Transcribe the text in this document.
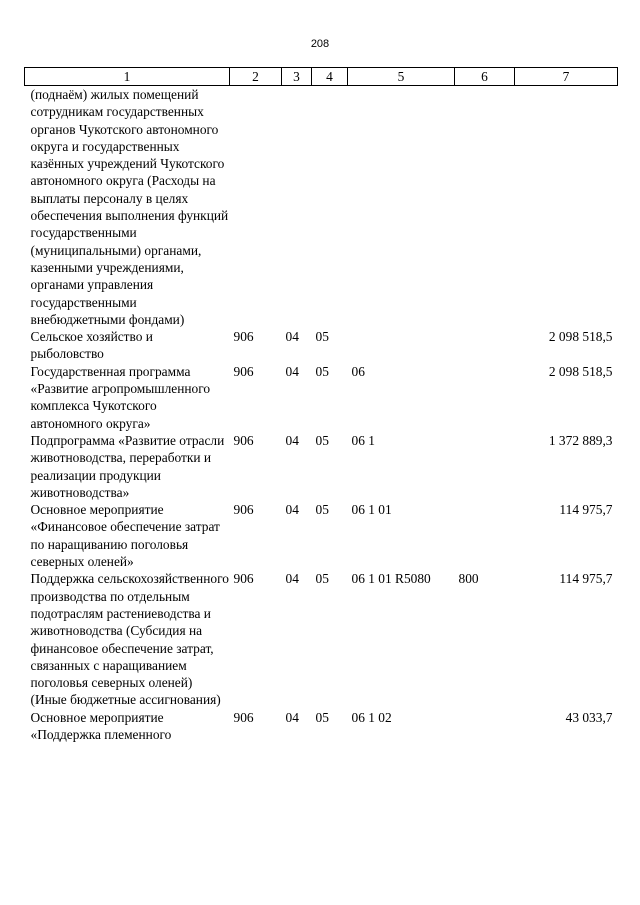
208
1	2	3	4	5	6	7
(поднаём) жилых помещений сотрудникам государственных органов Чукотского автономного округа и государственных казённых учреждений Чукотского автономного округа (Расходы на выплаты персоналу в целях обеспечения выполнения функций государственными (муниципальными) органами, казенными учреждениями, органами управления государственными внебюджетными фондами)						
Сельское хозяйство и рыболовство	906	04	05			2 098 518,5
Государственная программа «Развитие агропромышленного комплекса Чукотского автономного округа»	906	04	05	06		2 098 518,5
Подпрограмма «Развитие отрасли животноводства, переработки и реализации продукции животноводства»	906	04	05	06 1		1 372 889,3
Основное мероприятие «Финансовое обеспечение затрат по наращиванию поголовья северных оленей»	906	04	05	06 1 01		114 975,7
Поддержка сельскохозяйственного производства по отдельным подотраслям растениеводства и животноводства (Субсидия на финансовое обеспечение затрат, связанных с наращиванием поголовья северных оленей) (Иные бюджетные ассигнования)	906	04	05	06 1 01 R5080	800	114 975,7
Основное мероприятие «Поддержка племенного	906	04	05	06 1 02		43 033,7
